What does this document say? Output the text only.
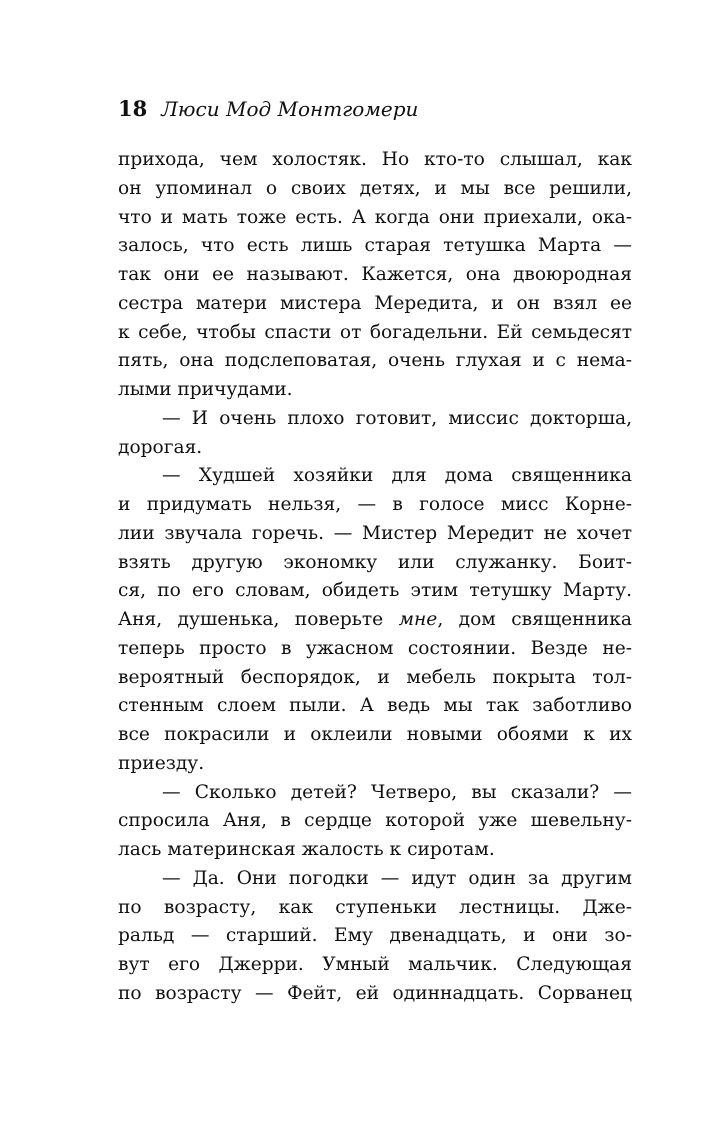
18 Люси Мод Монтгомери
прихода, чем холостяк. Но кто-то слышал, как
он упоминал о своих детях, и мы все решили,
что и мать тоже есть. А когда они приехали, ока-
залось, что есть лишь старая тетушка Марта —
так они ее называют. Кажется, она двоюродная
сестра матери мистера Мередита, и он взял ее
к себе, чтобы спасти от богадельни. Ей семьдесят
пять, она подслеповатая, очень глухая и с нема-
лыми причудами.
— И очень плохо готовит, миссис докторша,
дорогая.
— Худшей хозяйки для дома священника
и придумать нельзя, — в голосе мисс Корне-
лии звучала горечь. — Мистер Мередит не хочет
взять другую экономку или служанку. Боит-
ся, по его словам, обидеть этим тетушку Марту.
Аня, душенька, поверьте мне, дом священника
теперь просто в ужасном состоянии. Везде не-
вероятный беспорядок, и мебель покрыта тол-
стенным слоем пыли. А ведь мы так заботливо
все покрасили и оклеили новыми обоями к их
приезду.
— Сколько детей? Четверо, вы сказали? —
спросила Аня, в сердце которой уже шевельну-
лась материнская жалость к сиротам.
— Да. Они погодки — идут один за другим
по возрасту, как ступеньки лестницы. Дже-
ральд — старший. Ему двенадцать, и они зо-
вут его Джерри. Умный мальчик. Следующая
по возрасту — Фейт, ей одиннадцать. Сорванец
